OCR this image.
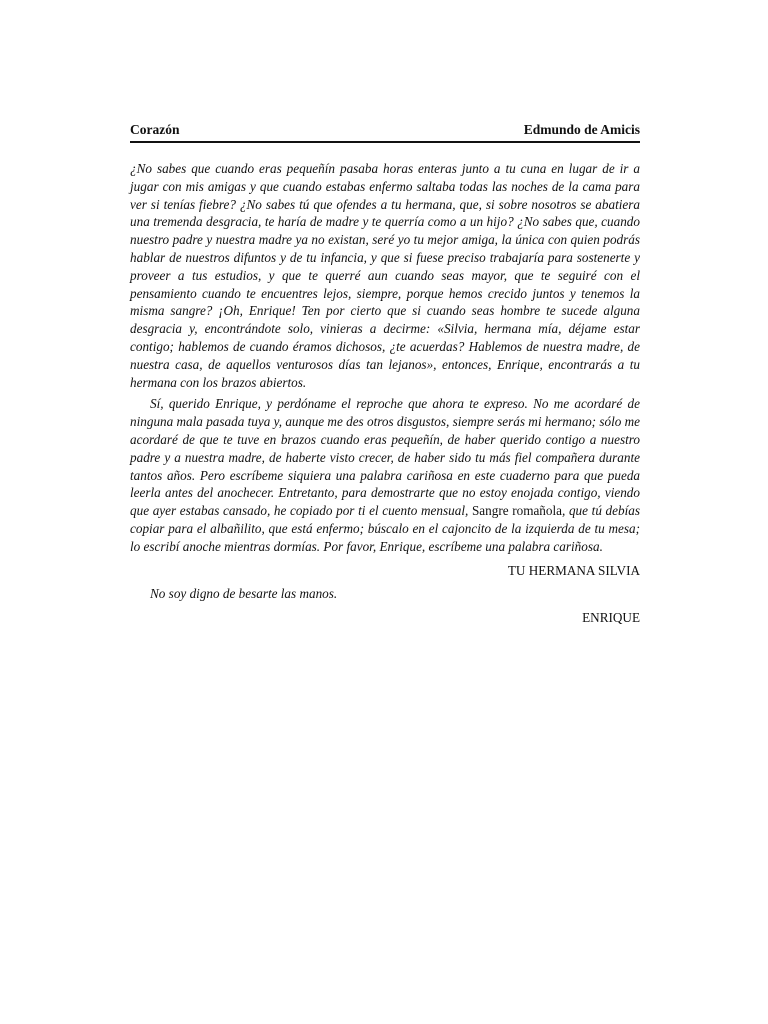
Corazón	Edmundo de Amicis

¿No sabes que cuando eras pequeñín pasaba horas enteras junto a tu cuna en lugar de ir a jugar con mis amigas y que cuando estabas enfermo saltaba todas las noches de la cama para ver si tenías fiebre? ¿No sabes tú que ofendes a tu hermana, que, si sobre nosotros se abatiera una tremenda desgracia, te haría de madre y te querría como a un hijo? ¿No sabes que, cuando nuestro padre y nuestra madre ya no existan, seré yo tu mejor amiga, la única con quien podrás hablar de nuestros difuntos y de tu infancia, y que si fuese preciso trabajaría para sostenerte y proveer a tus estudios, y que te querré aun cuando seas mayor, que te seguiré con el pensamiento cuando te encuentres lejos, siempre, porque hemos crecido juntos y tenemos la misma sangre? ¡Oh, Enrique! Ten por cierto que si cuando seas hombre te sucede alguna desgracia y, encontrándote solo, vinieras a decirme: «Silvia, hermana mía, déjame estar contigo; hablemos de cuando éramos dichosos, ¿te acuerdas? Hablemos de nuestra madre, de nuestra casa, de aquellos venturosos días tan lejanos», entonces, Enrique, encontrarás a tu hermana con los brazos abiertos.

Sí, querido Enrique, y perdóname el reproche que ahora te expreso. No me acordaré de ninguna mala pasada tuya y, aunque me des otros disgustos, siempre serás mi hermano; sólo me acordaré de que te tuve en brazos cuando eras pequeñín, de haber querido contigo a nuestro padre y a nuestra madre, de haberte visto crecer, de haber sido tu más fiel compañera durante tantos años. Pero escríbeme siquiera una palabra cariñosa en este cuaderno para que pueda leerla antes del anochecer. Entretanto, para demostrarte que no estoy enojada contigo, viendo que ayer estabas cansado, he copiado por ti el cuento mensual, Sangre romañola, que tú debías copiar para el albañilito, que está enfermo; búscalo en el cajoncito de la izquierda de tu mesa; lo escribí anoche mientras dormías. Por favor, Enrique, escríbeme una palabra cariñosa.

TU HERMANA SILVIA

No soy digno de besarte las manos.

ENRIQUE
